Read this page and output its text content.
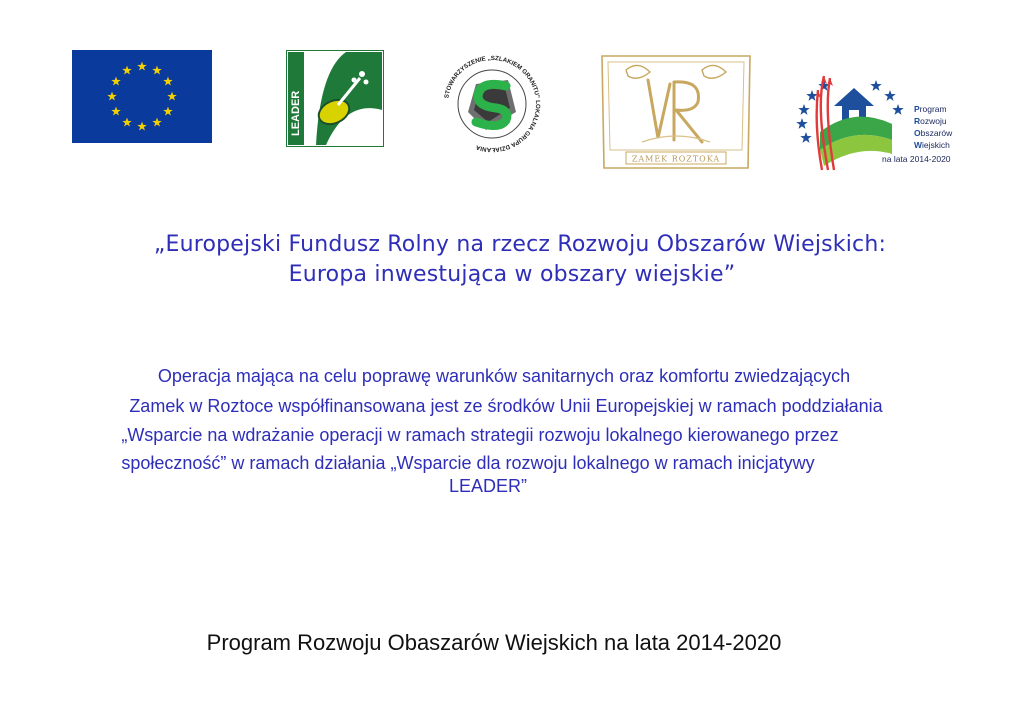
LEADER	STOWARZYSZENIE „SZLAKIEM GRANITU” LOKALNA GRUPA DZIAŁANIA
ZAMEK ROZTOKA
Program
Rozwoju
Obszarów
Wiejskich
na lata 2014-2020
„Europejski Fundusz Rolny na rzecz Rozwoju Obszarów Wiejskich:
Europa inwestująca w obszary wiejskie”
Operacja mająca na celu poprawę warunków sanitarnych oraz komfortu zwiedzających
Zamek w Roztoce współfinansowana jest ze środków Unii Europejskiej w ramach poddziałania
„Wsparcie na wdrażanie operacji w ramach strategii rozwoju lokalnego kierowanego przez
społeczność” w ramach działania „Wsparcie dla rozwoju lokalnego w ramach inicjatywy
LEADER”
Program Rozwoju Obaszarów Wiejskich na lata 2014-2020
